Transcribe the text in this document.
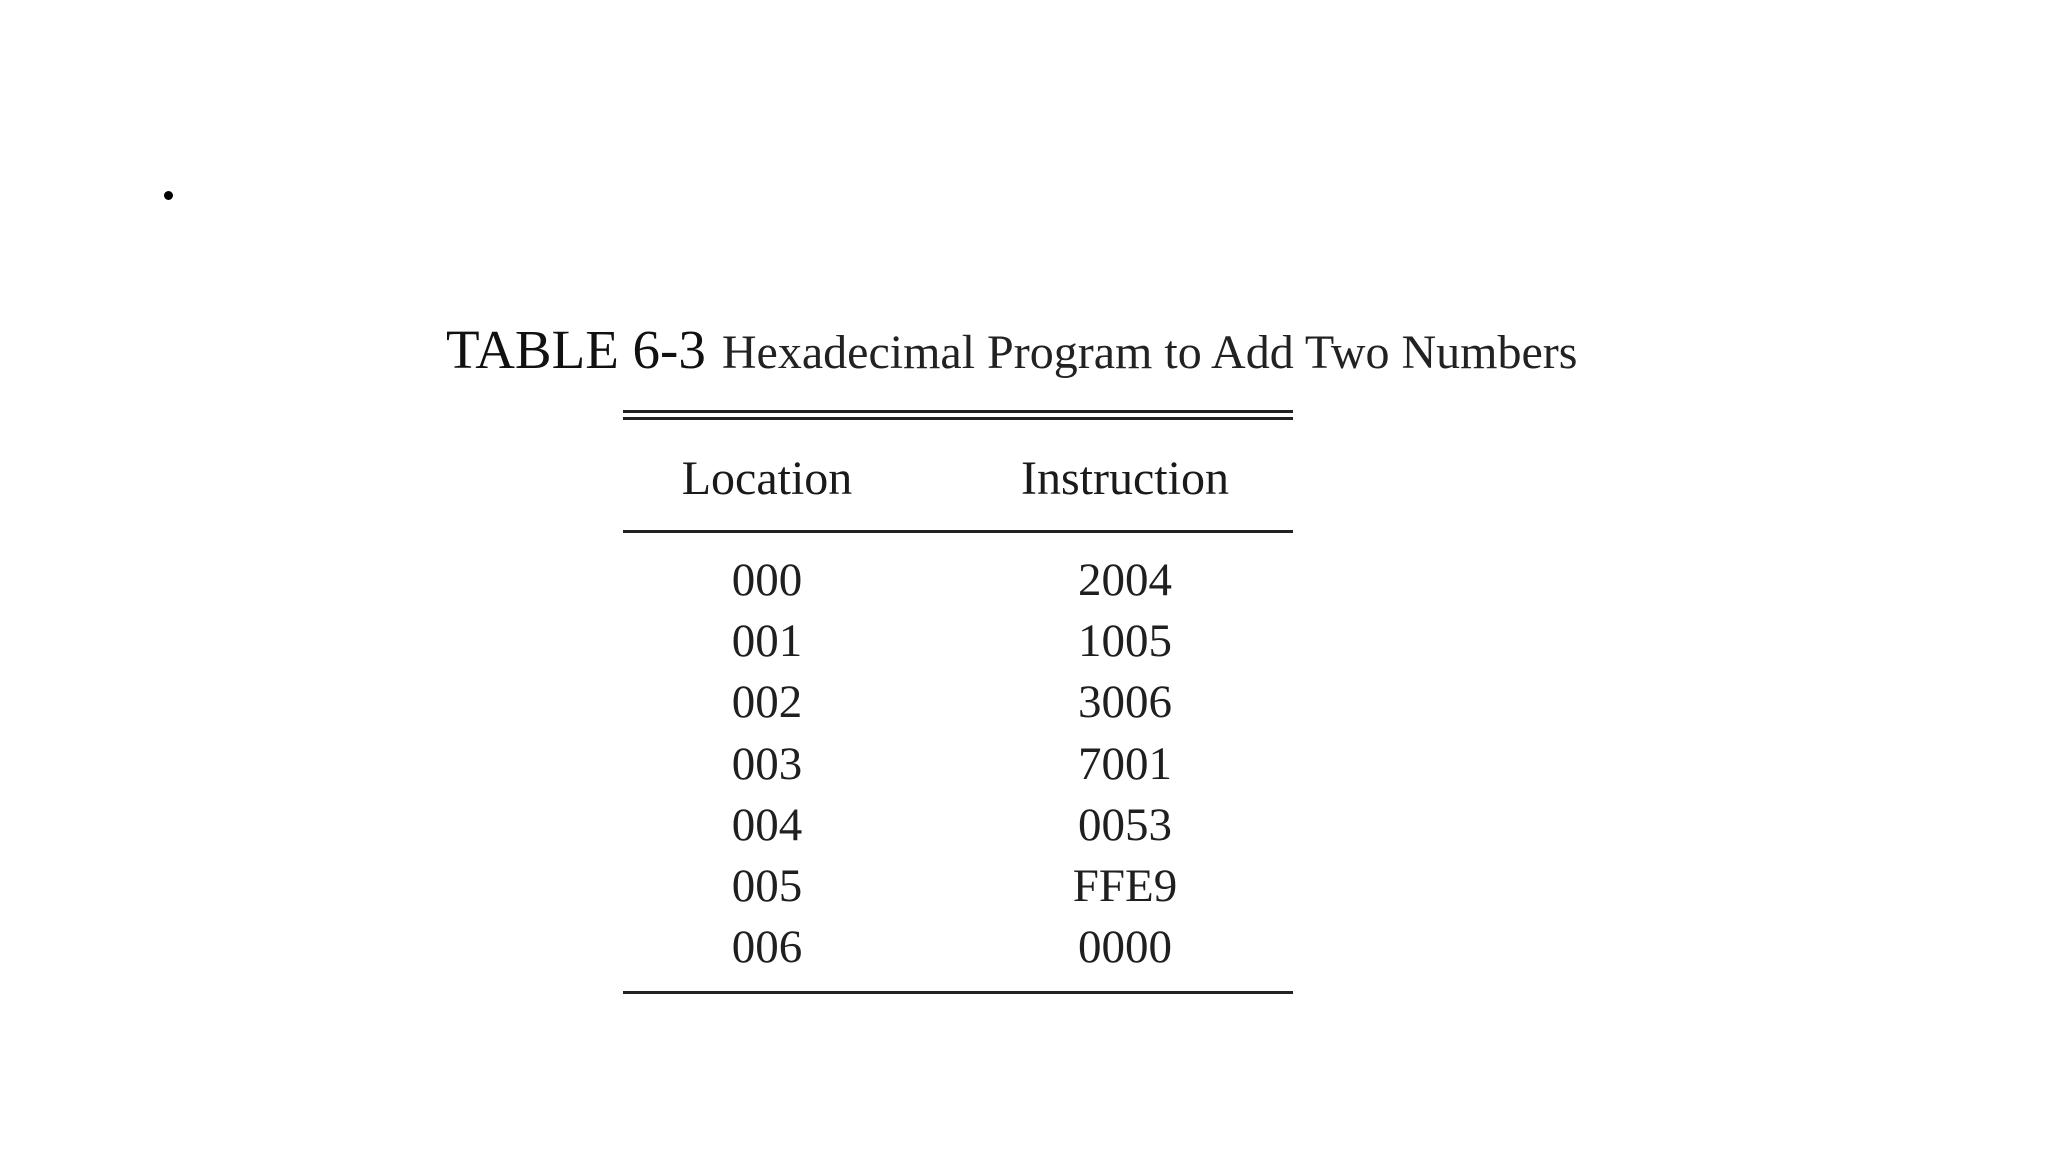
TABLE 6-3 Hexadecimal Program to Add Two Numbers
Location	Instruction
000	2004
001	1005
002	3006
003	7001
004	0053
005	FFE9
006	0000
